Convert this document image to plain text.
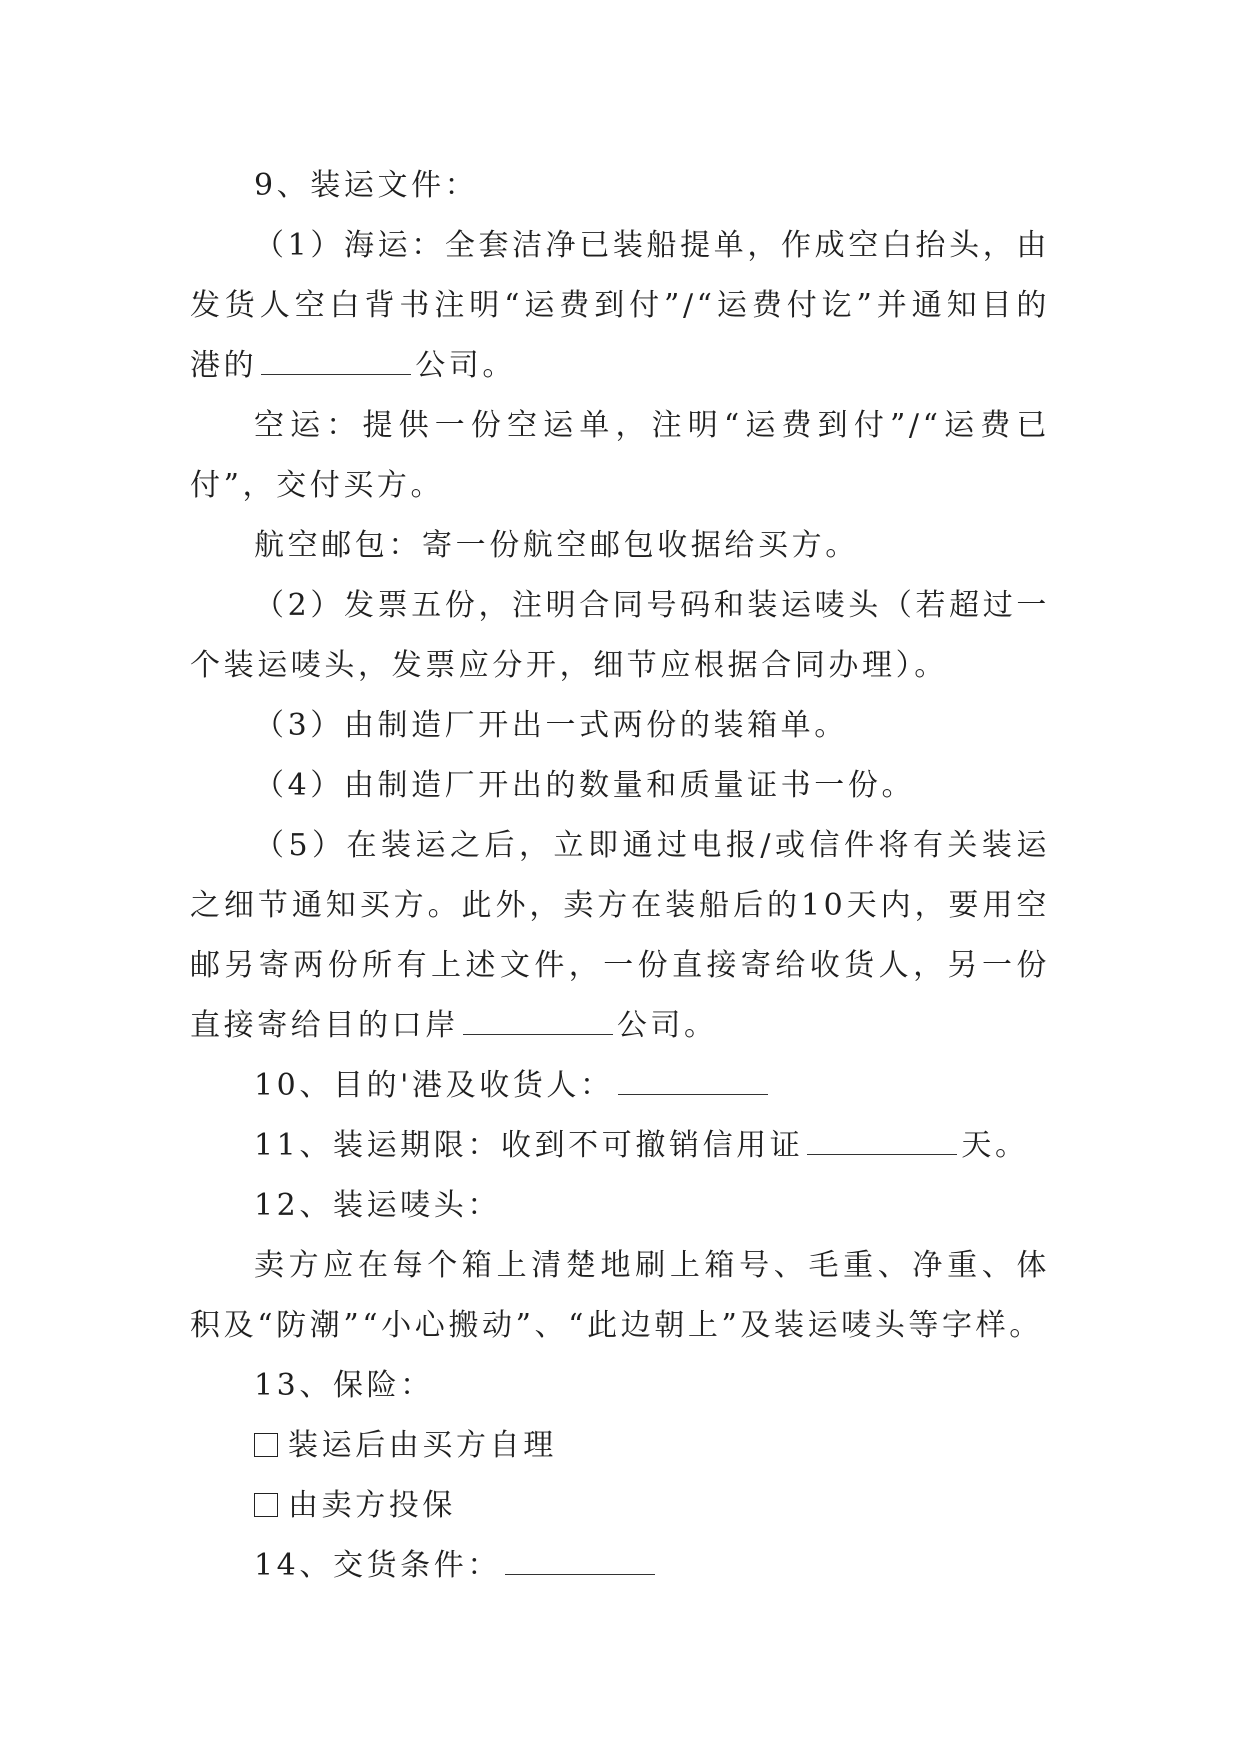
9、装运文件：

（1）海运：全套洁净已装船提单，作成空白抬头，由发货人空白背书注明“运费到付”/“运费付讫”并通知目的港的	公司。

空运：提供一份空运单，注明“运费到付”/“运费已付”，交付买方。

航空邮包：寄一份航空邮包收据给买方。

（2）发票五份，注明合同号码和装运唛头（若超过一个装运唛头，发票应分开，细节应根据合同办理）。

（3）由制造厂开出一式两份的装箱单。

（4）由制造厂开出的数量和质量证书一份。

（5）在装运之后，立即通过电报/或信件将有关装运之细节通知买方。此外，卖方在装船后的10天内，要用空邮另寄两份所有上述文件，一份直接寄给收货人，另一份直接寄给目的口岸	公司。

10、目的'港及收货人：

11、装运期限：收到不可撤销信用证	天。

12、装运唛头：

卖方应在每个箱上清楚地刷上箱号、毛重、净重、体积及“防潮”“小心搬动”、“此边朝上”及装运唛头等字样。

13、保险：

装运后由买方自理

由卖方投保

14、交货条件：
